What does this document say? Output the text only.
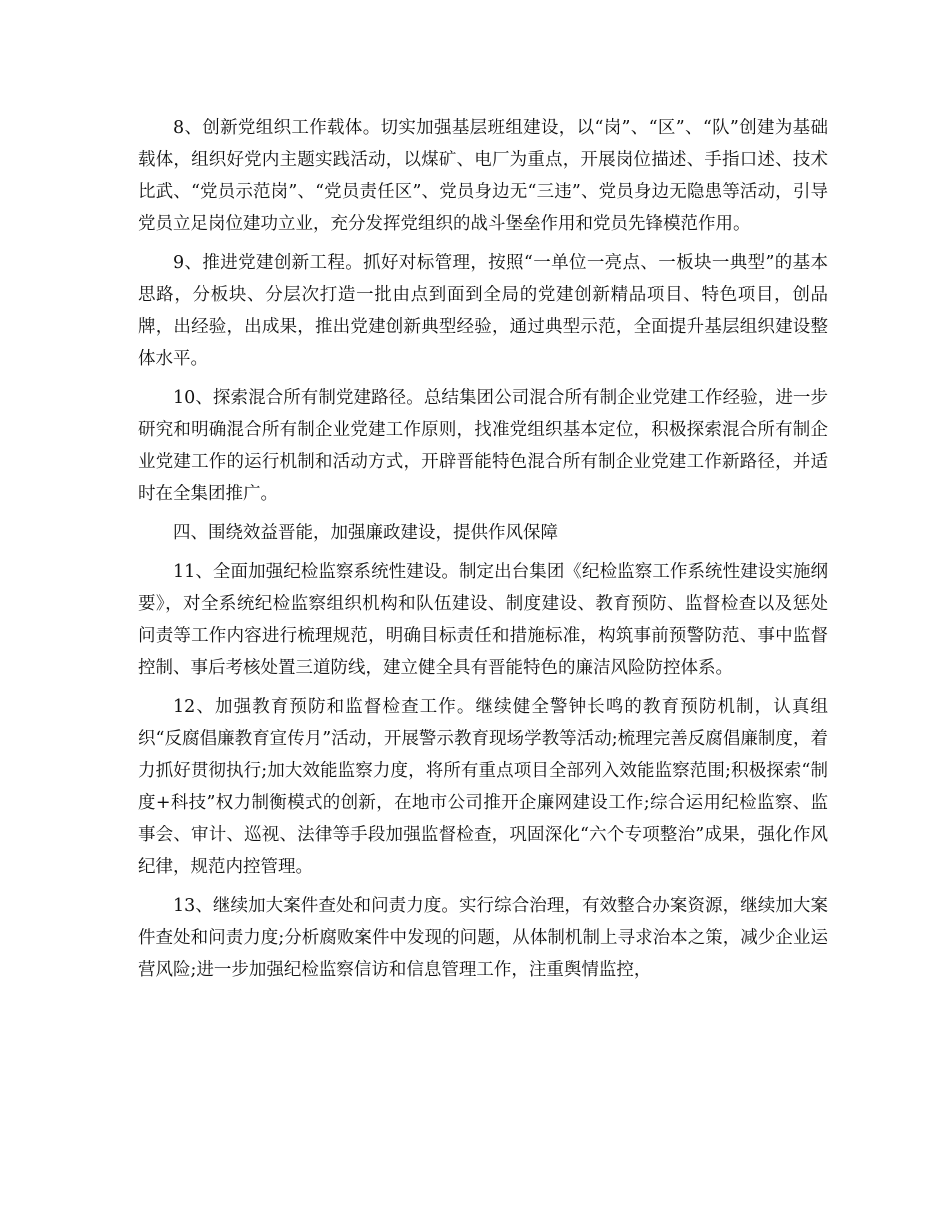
8、创新党组织工作载体。切实加强基层班组建设，以“岗”、“区”、“队”创建为基础载体，组织好党内主题实践活动，以煤矿、电厂为重点，开展岗位描述、手指口述、技术比武、“党员示范岗”、“党员责任区”、党员身边无“三违”、党员身边无隐患等活动，引导党员立足岗位建功立业，充分发挥党组织的战斗堡垒作用和党员先锋模范作用。

9、推进党建创新工程。抓好对标管理，按照“一单位一亮点、一板块一典型”的基本思路，分板块、分层次打造一批由点到面到全局的党建创新精品项目、特色项目，创品牌，出经验，出成果，推出党建创新典型经验，通过典型示范，全面提升基层组织建设整体水平。

10、探索混合所有制党建路径。总结集团公司混合所有制企业党建工作经验，进一步研究和明确混合所有制企业党建工作原则，找准党组织基本定位，积极探索混合所有制企业党建工作的运行机制和活动方式，开辟晋能特色混合所有制企业党建工作新路径，并适时在全集团推广。

四、围绕效益晋能，加强廉政建设，提供作风保障

11、全面加强纪检监察系统性建设。制定出台集团《纪检监察工作系统性建设实施纲要》，对全系统纪检监察组织机构和队伍建设、制度建设、教育预防、监督检查以及惩处问责等工作内容进行梳理规范，明确目标责任和措施标准，构筑事前预警防范、事中监督控制、事后考核处置三道防线，建立健全具有晋能特色的廉洁风险防控体系。

12、加强教育预防和监督检查工作。继续健全警钟长鸣的教育预防机制，认真组织“反腐倡廉教育宣传月”活动，开展警示教育现场学教等活动;梳理完善反腐倡廉制度，着力抓好贯彻执行;加大效能监察力度，将所有重点项目全部列入效能监察范围;积极探索“制度+科技”权力制衡模式的创新，在地市公司推开企廉网建设工作;综合运用纪检监察、监事会、审计、巡视、法律等手段加强监督检查，巩固深化“六个专项整治”成果，强化作风纪律，规范内控管理。

13、继续加大案件查处和问责力度。实行综合治理，有效整合办案资源，继续加大案件查处和问责力度;分析腐败案件中发现的问题，从体制机制上寻求治本之策，减少企业运营风险;进一步加强纪检监察信访和信息管理工作，注重舆情监控，
